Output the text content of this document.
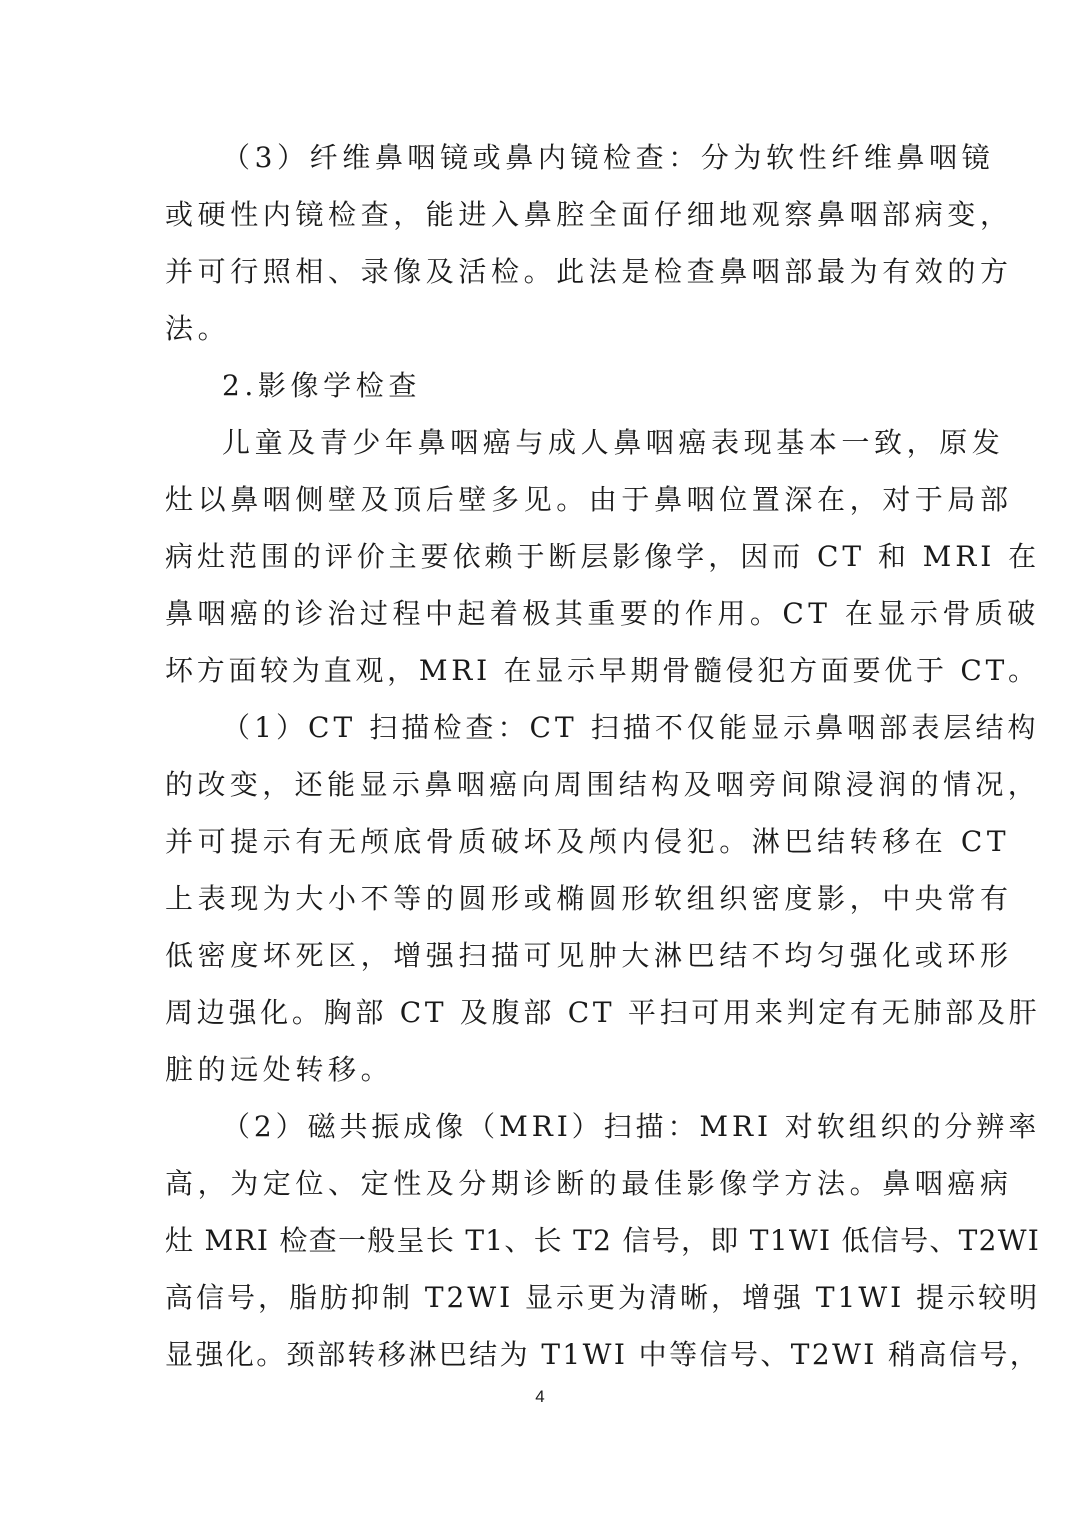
（3）纤维鼻咽镜或鼻内镜检查：分为软性纤维鼻咽镜
或硬性内镜检查，能进入鼻腔全面仔细地观察鼻咽部病变，
并可行照相、录像及活检。此法是检查鼻咽部最为有效的方
法。
2.影像学检查
儿童及青少年鼻咽癌与成人鼻咽癌表现基本一致，原发
灶以鼻咽侧壁及顶后壁多见。由于鼻咽位置深在，对于局部
病灶范围的评价主要依赖于断层影像学，因而 CT 和 MRI 在
鼻咽癌的诊治过程中起着极其重要的作用。CT 在显示骨质破
坏方面较为直观，MRI 在显示早期骨髓侵犯方面要优于 CT。
（1）CT 扫描检查：CT 扫描不仅能显示鼻咽部表层结构
的改变，还能显示鼻咽癌向周围结构及咽旁间隙浸润的情况，
并可提示有无颅底骨质破坏及颅内侵犯。淋巴结转移在 CT
上表现为大小不等的圆形或椭圆形软组织密度影，中央常有
低密度坏死区，增强扫描可见肿大淋巴结不均匀强化或环形
周边强化。胸部 CT 及腹部 CT 平扫可用来判定有无肺部及肝
脏的远处转移。
（2）磁共振成像（MRI）扫描：MRI 对软组织的分辨率
高，为定位、定性及分期诊断的最佳影像学方法。鼻咽癌病
灶 MRI 检查一般呈长 T1、长 T2 信号，即 T1WI 低信号、T2WI
高信号，脂肪抑制 T2WI 显示更为清晰，增强 T1WI 提示较明
显强化。颈部转移淋巴结为 T1WI 中等信号、T2WI 稍高信号，
4
